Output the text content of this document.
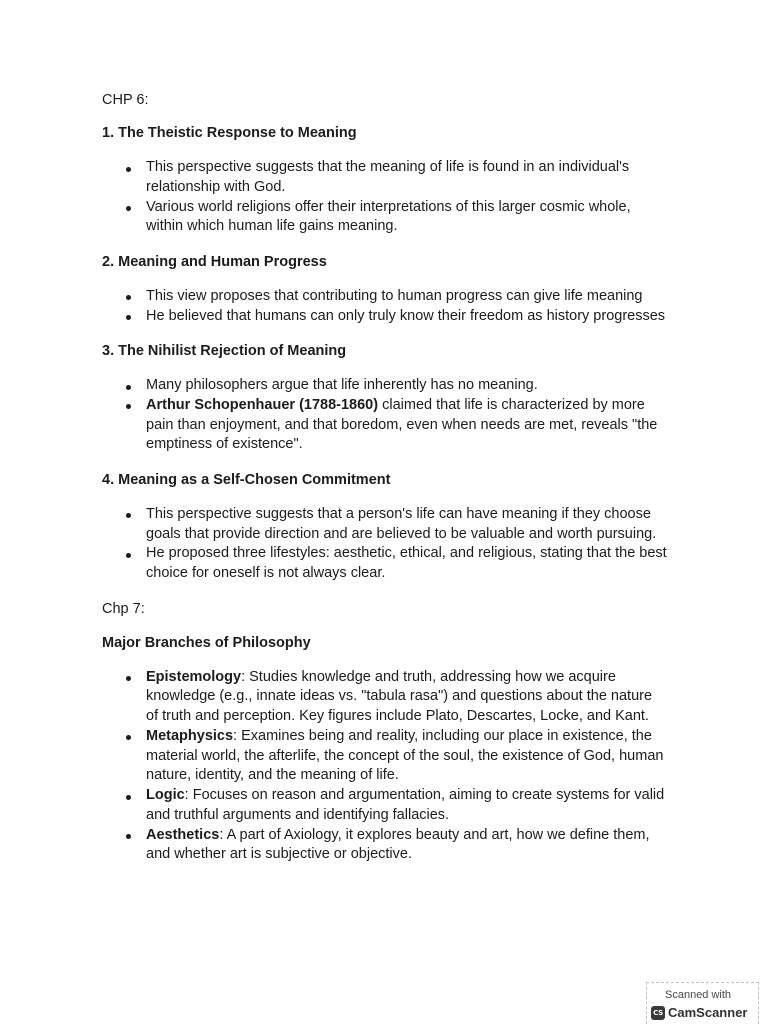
CHP 6:
1. The Theistic Response to Meaning
This perspective suggests that the meaning of life is found in an individual's
relationship with God.
Various world religions offer their interpretations of this larger cosmic whole,
within which human life gains meaning.
2. Meaning and Human Progress
This view proposes that contributing to human progress can give life meaning
He believed that humans can only truly know their freedom as history progresses
3. The Nihilist Rejection of Meaning
Many philosophers argue that life inherently has no meaning.
Arthur Schopenhauer (1788-1860) claimed that life is characterized by more
pain than enjoyment, and that boredom, even when needs are met, reveals "the
emptiness of existence".
4. Meaning as a Self-Chosen Commitment
This perspective suggests that a person's life can have meaning if they choose
goals that provide direction and are believed to be valuable and worth pursuing.
He proposed three lifestyles: aesthetic, ethical, and religious, stating that the best
choice for oneself is not always clear.
Chp 7:
Major Branches of Philosophy
Epistemology: Studies knowledge and truth, addressing how we acquire
knowledge (e.g., innate ideas vs. "tabula rasa") and questions about the nature
of truth and perception. Key figures include Plato, Descartes, Locke, and Kant.
Metaphysics: Examines being and reality, including our place in existence, the
material world, the afterlife, the concept of the soul, the existence of God, human
nature, identity, and the meaning of life.
Logic: Focuses on reason and argumentation, aiming to create systems for valid
and truthful arguments and identifying fallacies.
Aesthetics: A part of Axiology, it explores beauty and art, how we define them,
and whether art is subjective or objective.
Scanned with
CS CamScanner
